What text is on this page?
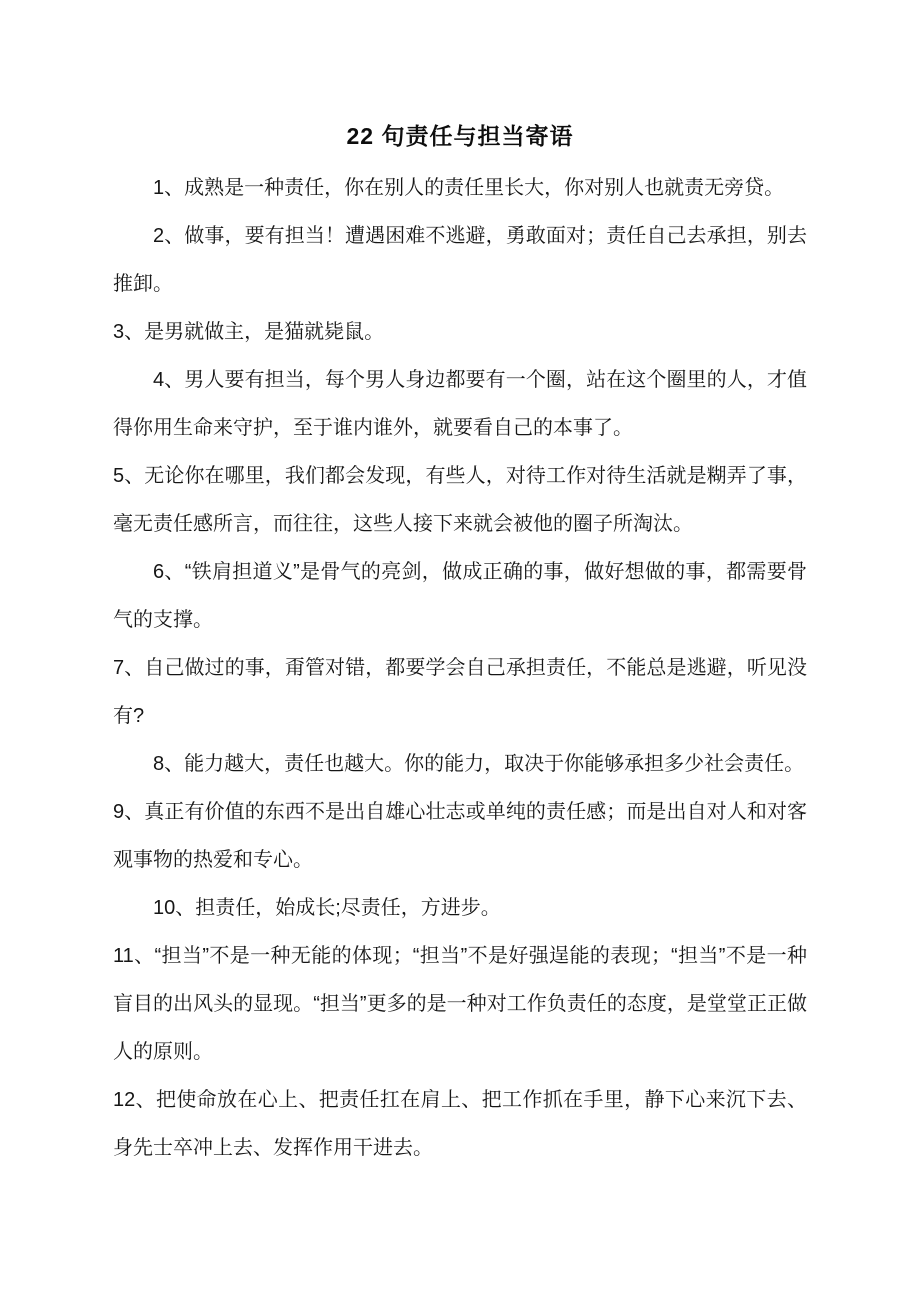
22 句责任与担当寄语

1、成熟是一种责任，你在别人的责任里长大，你对别人也就责无旁贷。

2、做事，要有担当！遭遇困难不逃避，勇敢面对；责任自己去承担，别去推卸。

3、是男就做主，是猫就毙鼠。

4、男人要有担当，每个男人身边都要有一个圈，站在这个圈里的人，才值得你用生命来守护，至于谁内谁外，就要看自己的本事了。

5、无论你在哪里，我们都会发现，有些人，对待工作对待生活就是糊弄了事，毫无责任感所言，而往往，这些人接下来就会被他的圈子所淘汰。

6、“铁肩担道义”是骨气的亮剑，做成正确的事，做好想做的事，都需要骨气的支撑。

7、自己做过的事，甭管对错，都要学会自己承担责任，不能总是逃避，听见没有?

8、能力越大，责任也越大。你的能力，取决于你能够承担多少社会责任。

9、真正有价值的东西不是出自雄心壮志或单纯的责任感；而是出自对人和对客观事物的热爱和专心。

10、担责任，始成长;尽责任，方进步。

11、“担当”不是一种无能的体现；“担当”不是好强逞能的表现；“担当”不是一种盲目的出风头的显现。“担当”更多的是一种对工作负责任的态度，是堂堂正正做人的原则。

12、把使命放在心上、把责任扛在肩上、把工作抓在手里，静下心来沉下去、身先士卒冲上去、发挥作用干进去。
